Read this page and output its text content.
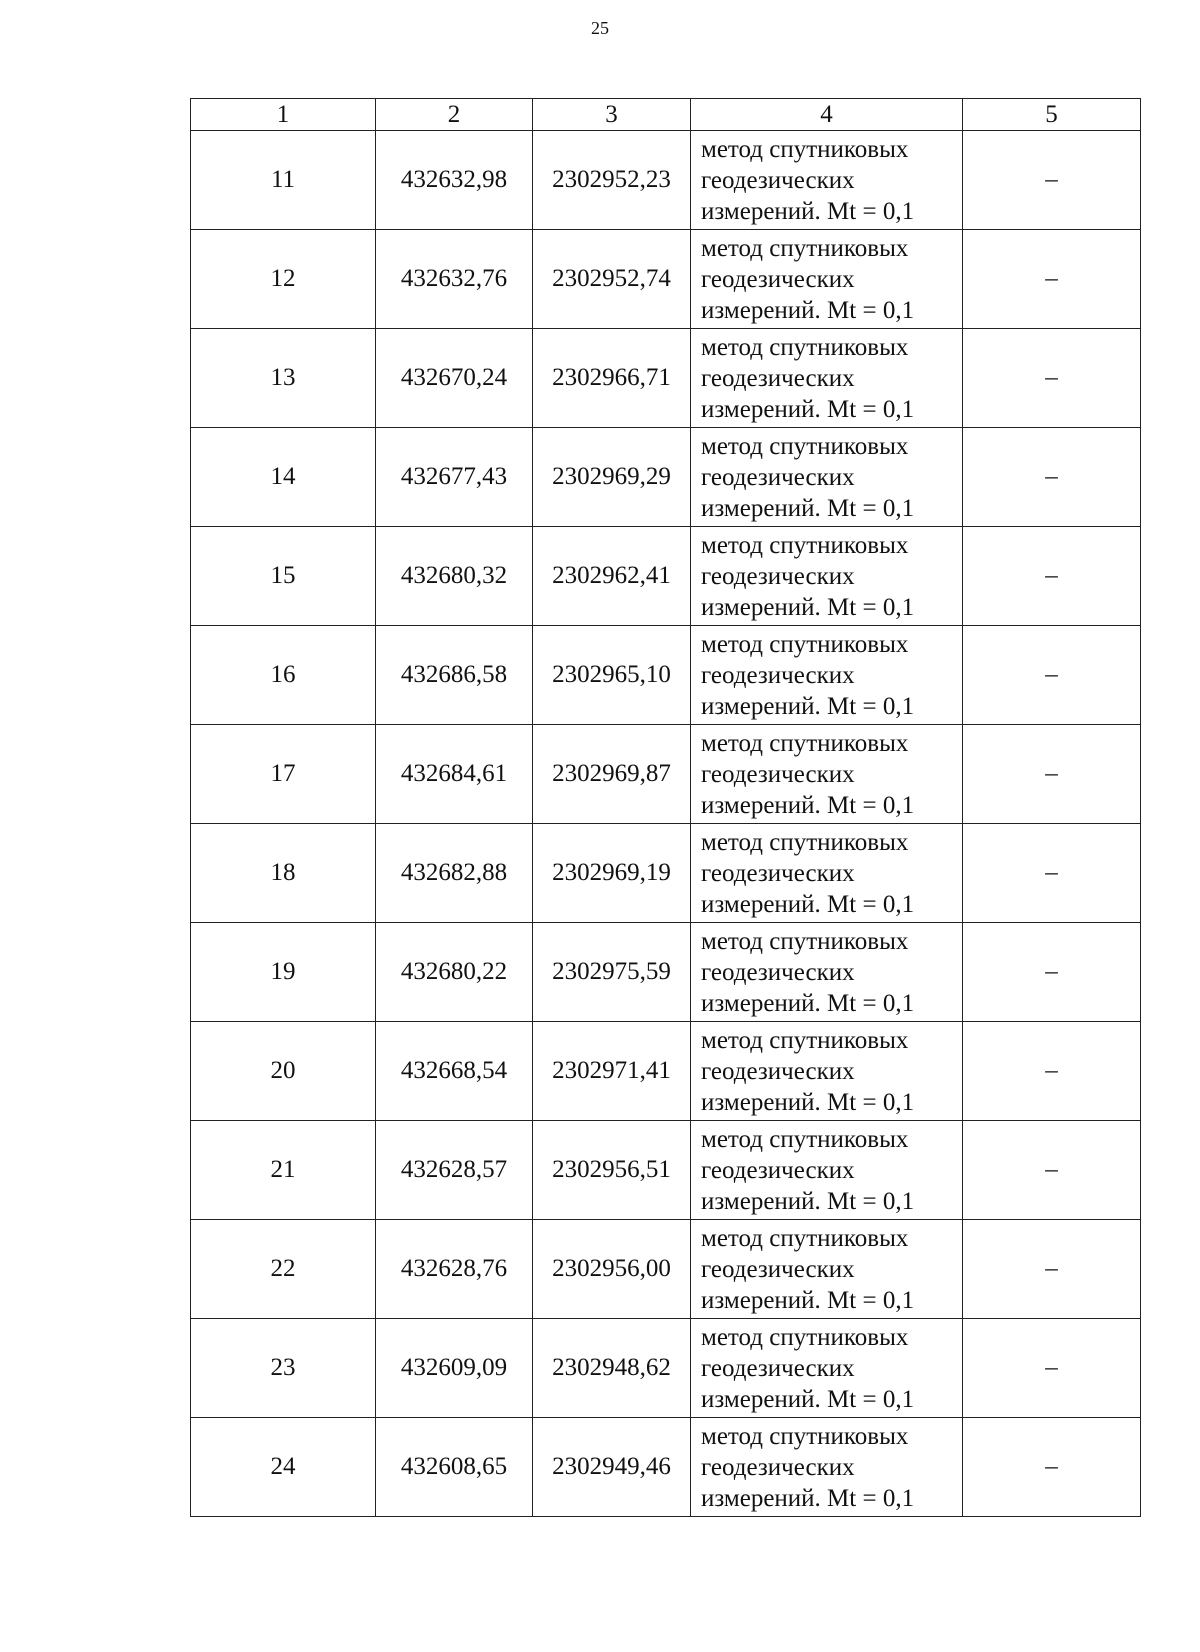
25
1	2	3	4	5
11	432632,98	2302952,23	метод спутниковых
геодезических
измерений. Mt = 0,1	–
12	432632,76	2302952,74	метод спутниковых
геодезических
измерений. Mt = 0,1	–
13	432670,24	2302966,71	метод спутниковых
геодезических
измерений. Mt = 0,1	–
14	432677,43	2302969,29	метод спутниковых
геодезических
измерений. Mt = 0,1	–
15	432680,32	2302962,41	метод спутниковых
геодезических
измерений. Mt = 0,1	–
16	432686,58	2302965,10	метод спутниковых
геодезических
измерений. Mt = 0,1	–
17	432684,61	2302969,87	метод спутниковых
геодезических
измерений. Mt = 0,1	–
18	432682,88	2302969,19	метод спутниковых
геодезических
измерений. Mt = 0,1	–
19	432680,22	2302975,59	метод спутниковых
геодезических
измерений. Mt = 0,1	–
20	432668,54	2302971,41	метод спутниковых
геодезических
измерений. Mt = 0,1	–
21	432628,57	2302956,51	метод спутниковых
геодезических
измерений. Mt = 0,1	–
22	432628,76	2302956,00	метод спутниковых
геодезических
измерений. Mt = 0,1	–
23	432609,09	2302948,62	метод спутниковых
геодезических
измерений. Mt = 0,1	–
24	432608,65	2302949,46	метод спутниковых
геодезических
измерений. Mt = 0,1	–
